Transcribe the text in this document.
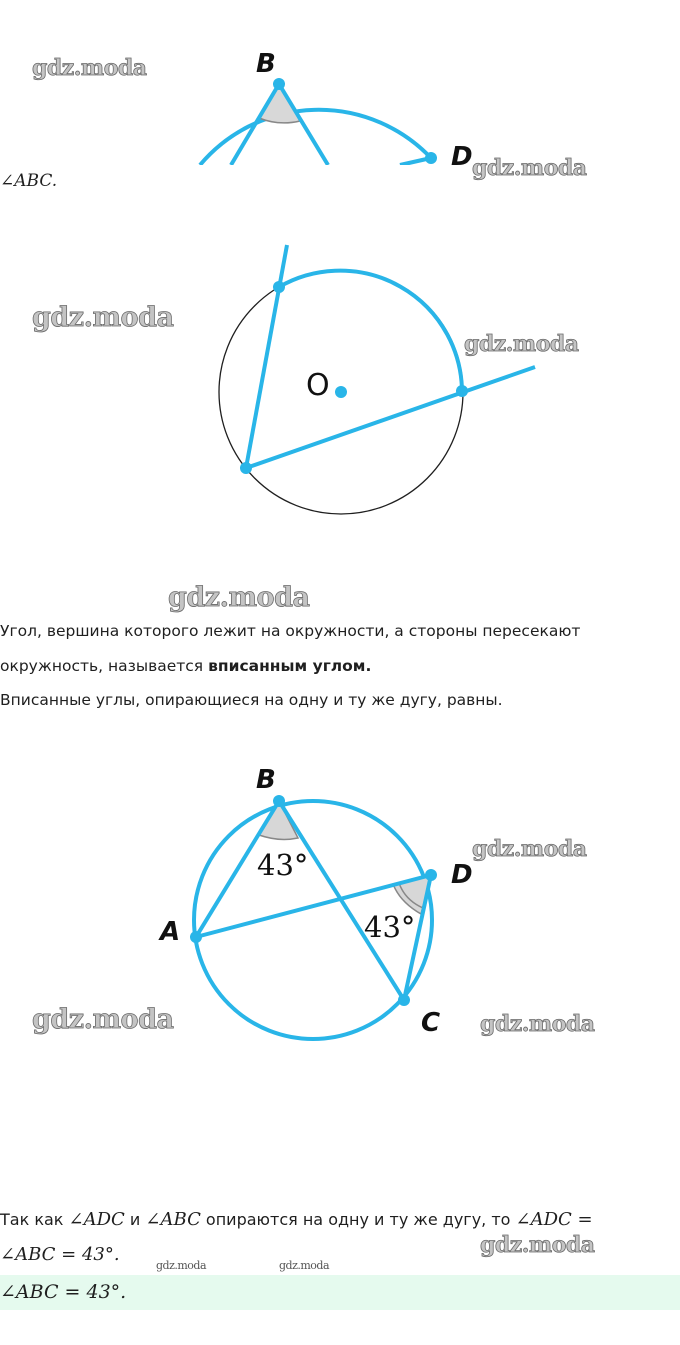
B
D
gdz.moda
gdz.moda
∠ABC.
O
gdz.moda
gdz.moda
gdz.moda
Угол, вершина которого лежит на окружности, а стороны пересекают
окружность, называется вписанным углом.
Вписанные углы, опирающиеся на одну и ту же дугу, равны.
A
B
C
D
43°
43°
gdz.moda
gdz.moda	gdz.moda
Так как ∠ADC и ∠ABC опираются на одну и ту же дугу, то ∠ADC =
∠ABC = 43°.
gdz.moda	gdz.moda
gdz.moda
∠ABC = 43°.
